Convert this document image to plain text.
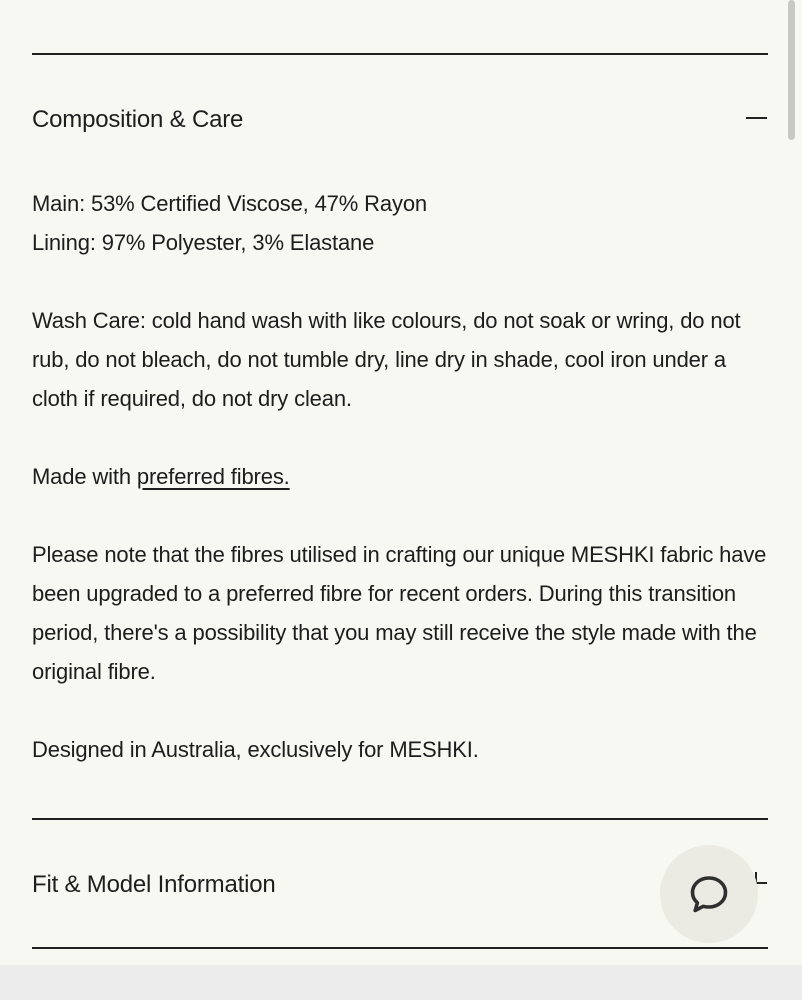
Composition & Care

Main: 53% Certified Viscose, 47% Rayon

Lining: 97% Polyester, 3% Elastane

Wash Care: cold hand wash with like colours, do not soak or wring, do not rub, do not bleach, do not tumble dry, line dry in shade, cool iron under a cloth if required, do not dry clean.

Made with preferred fibres.

Please note that the fibres utilised in crafting our unique MESHKI fabric have been upgraded to a preferred fibre for recent orders. During this transition period, there's a possibility that you may still receive the style made with the original fibre.

Designed in Australia, exclusively for MESHKI.

Fit & Model Information
